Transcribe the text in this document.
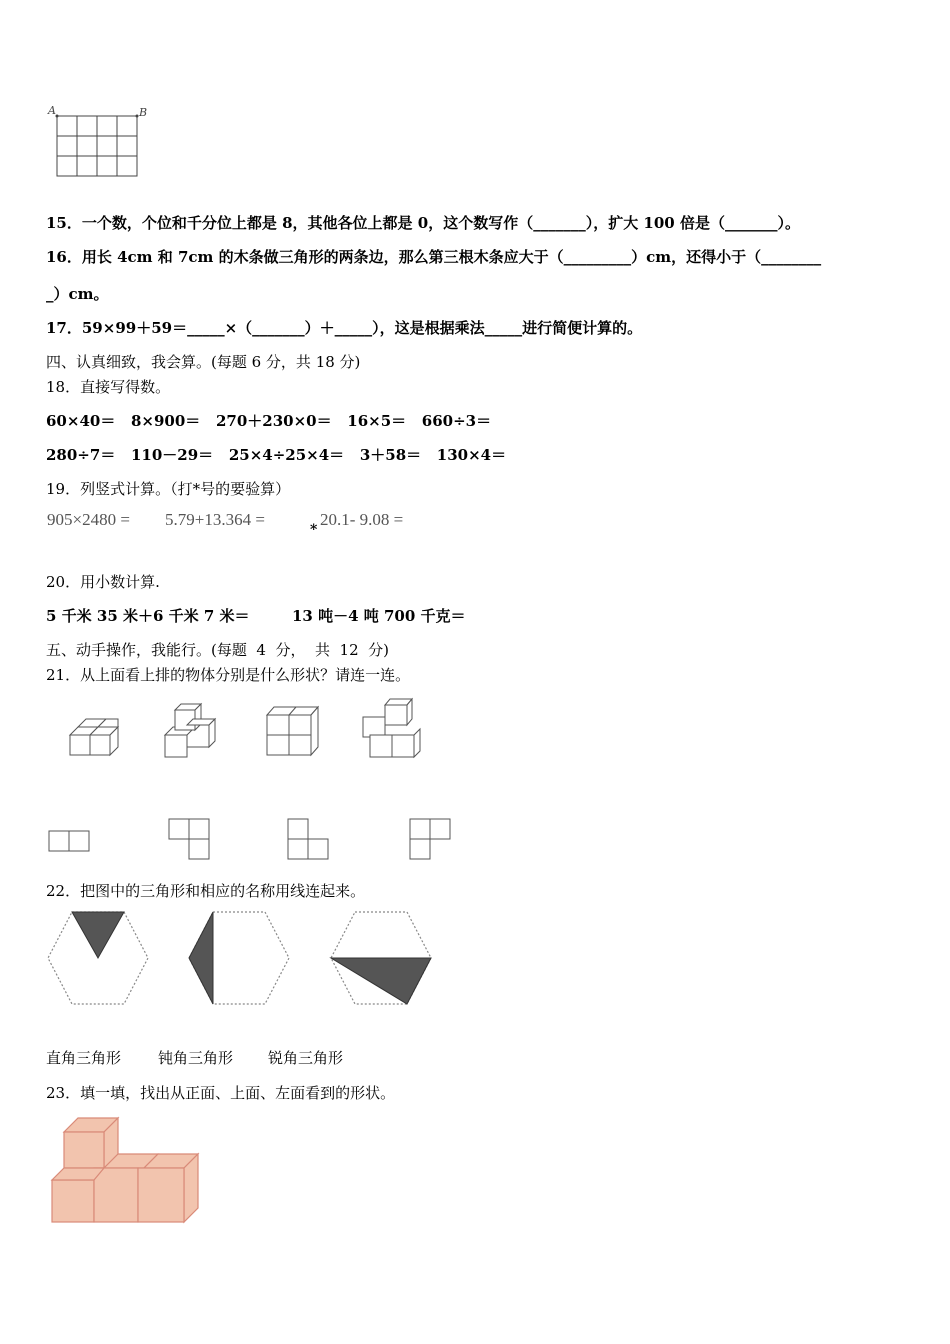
A	B
15．一个数，个位和千分位上都是 8，其他各位上都是 0，这个数写作（_______），扩大 100 倍是（_______）。
16．用长 4cm 和 7cm 的木条做三角形的两条边，那么第三根木条应大于（_________）cm，还得小于（________
_）cm。
17．59×99＋59＝_____×（_______）＋_____），这是根据乘法_____进行简便计算的。
四、认真细致，我会算。(每题 6 分，共 18 分)
18．直接写得数。
60×40＝   8×900＝   270＋230×0＝   16×5＝   660÷3＝
280÷7＝   110－29＝   25×4÷25×4＝   3＋58＝   130×4＝
19．列竖式计算。（打*号的要验算）
905×2480 = 5.79+13.364 =
*
20.1- 9.08 =
20．用小数计算.
5 千米 35 米＋6 千米 7 米＝	13 吨－4 吨 700 千克＝
五、动手操作，我能行。(每题  4  分，  共  12  分)
21．从上面看上排的物体分别是什么形状？请连一连。
22．把图中的三角形和相应的名称用线连起来。
直角三角形 钝角三角形 锐角三角形
23．填一填，找出从正面、上面、左面看到的形状。
